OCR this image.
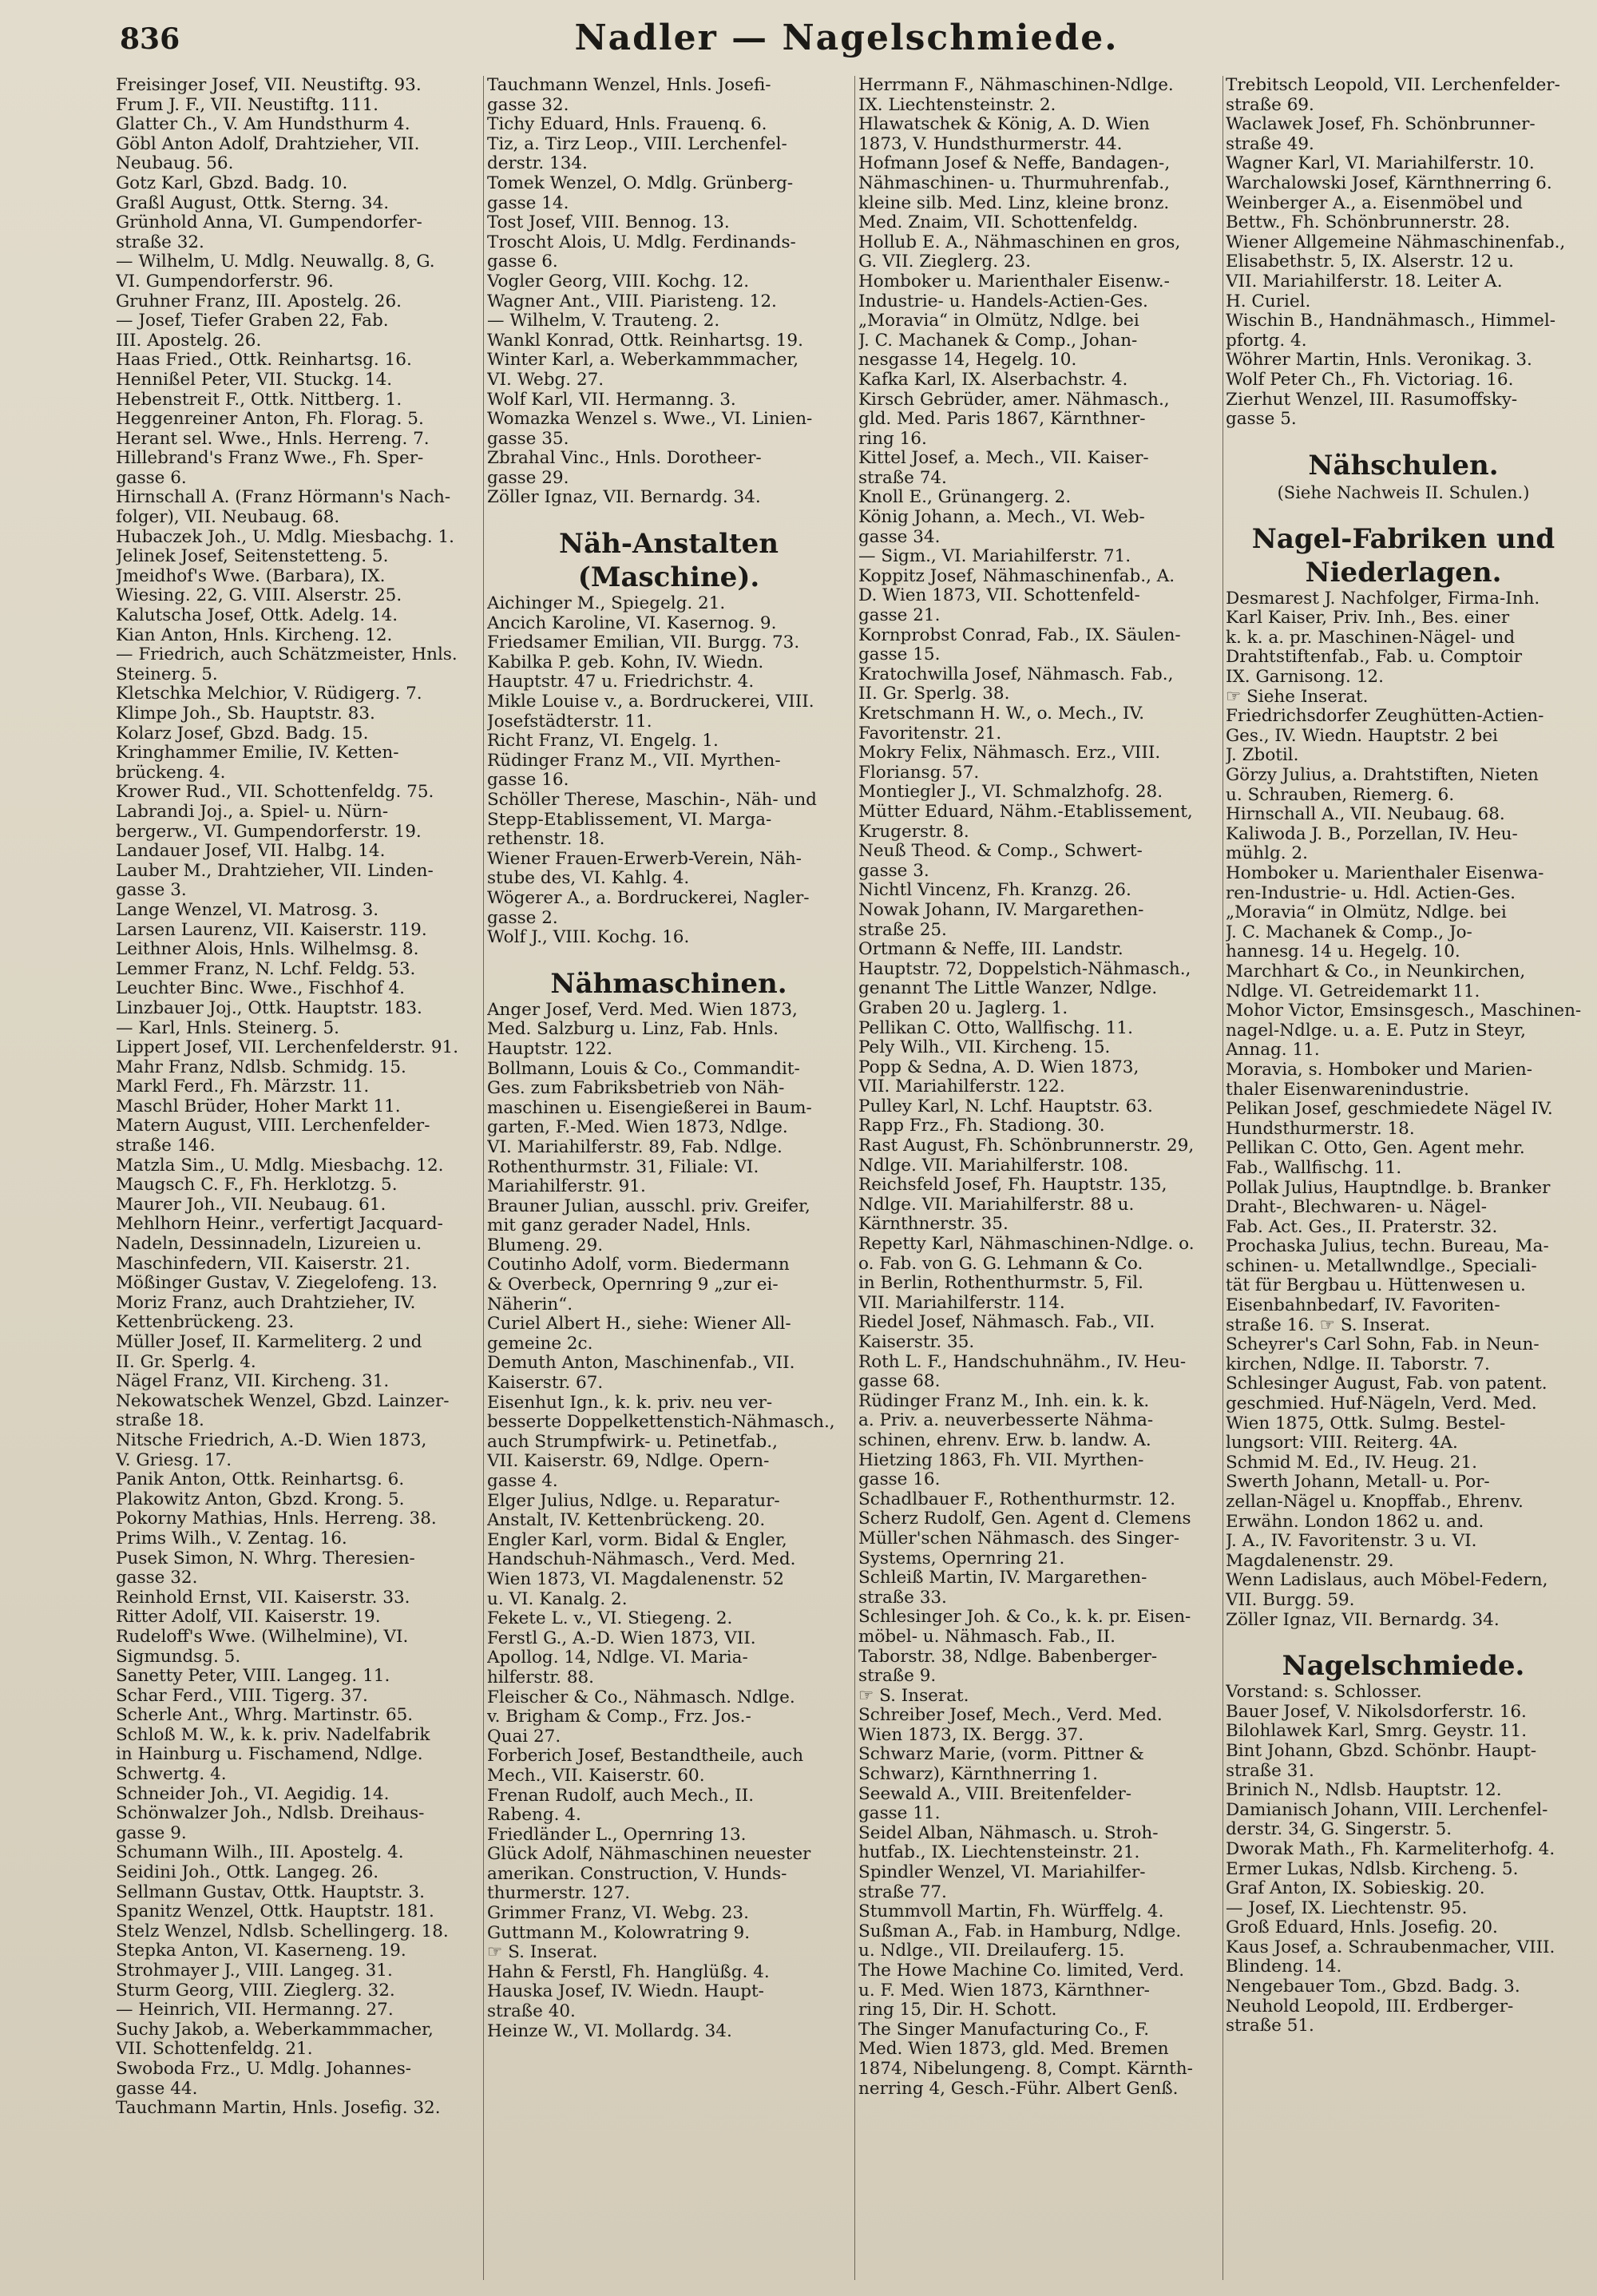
836	Nadler — Nagelschmiede.
Freisinger Josef, VII. Neustiftg. 93.
Frum J. F., VII. Neustiftg. 111.
Glatter Ch., V. Am Hundsthurm 4.
Göbl Anton Adolf, Drahtzieher, VII.
Neubaug. 56.
Gotz Karl, Gbzd. Badg. 10.
Graßl August, Ottk. Sterng. 34.
Grünhold Anna, VI. Gumpendorfer-
straße 32.
— Wilhelm, U. Mdlg. Neuwallg. 8, G.
VI. Gumpendorferstr. 96.
Gruhner Franz, III. Apostelg. 26.
— Josef, Tiefer Graben 22, Fab.
III. Apostelg. 26.
Haas Fried., Ottk. Reinhartsg. 16.
Hennißel Peter, VII. Stuckg. 14.
Hebenstreit F., Ottk. Nittberg. 1.
Heggenreiner Anton, Fh. Florag. 5.
Herant sel. Wwe., Hnls. Herreng. 7.
Hillebrand's Franz Wwe., Fh. Sper-
gasse 6.
Hirnschall A. (Franz Hörmann's Nach-
folger), VII. Neubaug. 68.
Hubaczek Joh., U. Mdlg. Miesbachg. 1.
Jelinek Josef, Seitenstetteng. 5.
Jmeidhof's Wwe. (Barbara), IX.
Wiesing. 22, G. VIII. Alserstr. 25.
Kalutscha Josef, Ottk. Adelg. 14.
Kian Anton, Hnls. Kircheng. 12.
— Friedrich, auch Schätzmeister, Hnls.
Steinerg. 5.
Kletschka Melchior, V. Rüdigerg. 7.
Klimpe Joh., Sb. Hauptstr. 83.
Kolarz Josef, Gbzd. Badg. 15.
Kringhammer Emilie, IV. Ketten-
brückeng. 4.
Krower Rud., VII. Schottenfeldg. 75.
Labrandi Joj., a. Spiel- u. Nürn-
bergerw., VI. Gumpendorferstr. 19.
Landauer Josef, VII. Halbg. 14.
Lauber M., Drahtzieher, VII. Linden-
gasse 3.
Lange Wenzel, VI. Matrosg. 3.
Larsen Laurenz, VII. Kaiserstr. 119.
Leithner Alois, Hnls. Wilhelmsg. 8.
Lemmer Franz, N. Lchf. Feldg. 53.
Leuchter Binc. Wwe., Fischhof 4.
Linzbauer Joj., Ottk. Hauptstr. 183.
— Karl, Hnls. Steinerg. 5.
Lippert Josef, VII. Lerchenfelderstr. 91.
Mahr Franz, Ndlsb. Schmidg. 15.
Markl Ferd., Fh. Märzstr. 11.
Maschl Brüder, Hoher Markt 11.
Matern August, VIII. Lerchenfelder-
straße 146.
Matzla Sim., U. Mdlg. Miesbachg. 12.
Maugsch C. F., Fh. Herklotzg. 5.
Maurer Joh., VII. Neubaug. 61.
Mehlhorn Heinr., verfertigt Jacquard-
Nadeln, Dessinnadeln, Lizureien u.
Maschinfedern, VII. Kaiserstr. 21.
Mößinger Gustav, V. Ziegelofeng. 13.
Moriz Franz, auch Drahtzieher, IV.
Kettenbrückeng. 23.
Müller Josef, II. Karmeliterg. 2 und
II. Gr. Sperlg. 4.
Nägel Franz, VII. Kircheng. 31.
Nekowatschek Wenzel, Gbzd. Lainzer-
straße 18.
Nitsche Friedrich, A.-D. Wien 1873,
V. Griesg. 17.
Panik Anton, Ottk. Reinhartsg. 6.
Plakowitz Anton, Gbzd. Krong. 5.
Pokorny Mathias, Hnls. Herreng. 38.
Prims Wilh., V. Zentag. 16.
Pusek Simon, N. Whrg. Theresien-
gasse 32.
Reinhold Ernst, VII. Kaiserstr. 33.
Ritter Adolf, VII. Kaiserstr. 19.
Rudeloff's Wwe. (Wilhelmine), VI.
Sigmundsg. 5.
Sanetty Peter, VIII. Langeg. 11.
Schar Ferd., VIII. Tigerg. 37.
Scherle Ant., Whrg. Martinstr. 65.
Schloß M. W., k. k. priv. Nadelfabrik
in Hainburg u. Fischamend, Ndlge.
Schwertg. 4.
Schneider Joh., VI. Aegidig. 14.
Schönwalzer Joh., Ndlsb. Dreihaus-
gasse 9.
Schumann Wilh., III. Apostelg. 4.
Seidini Joh., Ottk. Langeg. 26.
Sellmann Gustav, Ottk. Hauptstr. 3.
Spanitz Wenzel, Ottk. Hauptstr. 181.
Stelz Wenzel, Ndlsb. Schellingerg. 18.
Stepka Anton, VI. Kaserneng. 19.
Strohmayer J., VIII. Langeg. 31.
Sturm Georg, VIII. Zieglerg. 32.
— Heinrich, VII. Hermanng. 27.
Suchy Jakob, a. Weberkammmacher,
VII. Schottenfeldg. 21.
Swoboda Frz., U. Mdlg. Johannes-
gasse 44.
Tauchmann Martin, Hnls. Josefig. 32.
Tauchmann Wenzel, Hnls. Josefi-
gasse 32.
Tichy Eduard, Hnls. Frauenq. 6.
Tiz, a. Tirz Leop., VIII. Lerchenfel-
derstr. 134.
Tomek Wenzel, O. Mdlg. Grünberg-
gasse 14.
Tost Josef, VIII. Bennog. 13.
Troscht Alois, U. Mdlg. Ferdinands-
gasse 6.
Vogler Georg, VIII. Kochg. 12.
Wagner Ant., VIII. Piaristeng. 12.
— Wilhelm, V. Trauteng. 2.
Wankl Konrad, Ottk. Reinhartsg. 19.
Winter Karl, a. Weberkammmacher,
VI. Webg. 27.
Wolf Karl, VII. Hermanng. 3.
Womazka Wenzel s. Wwe., VI. Linien-
gasse 35.
Zbrahal Vinc., Hnls. Dorotheer-
gasse 29.
Zöller Ignaz, VII. Bernardg. 34.
Näh-Anstalten (Maschine).
Aichinger M., Spiegelg. 21.
Ancich Karoline, VI. Kasernog. 9.
Friedsamer Emilian, VII. Burgg. 73.
Kabilka P. geb. Kohn, IV. Wiedn.
Hauptstr. 47 u. Friedrichstr. 4.
Mikle Louise v., a. Bordruckerei, VIII.
Josefstädterstr. 11.
Richt Franz, VI. Engelg. 1.
Rüdinger Franz M., VII. Myrthen-
gasse 16.
Schöller Therese, Maschin-, Näh- und
Stepp-Etablissement, VI. Marga-
rethenstr. 18.
Wiener Frauen-Erwerb-Verein, Näh-
stube des, VI. Kahlg. 4.
Wögerer A., a. Bordruckerei, Nagler-
gasse 2.
Wolf J., VIII. Kochg. 16.
Nähmaschinen.
Anger Josef, Verd. Med. Wien 1873,
Med. Salzburg u. Linz, Fab. Hnls.
Hauptstr. 122.
Bollmann, Louis & Co., Commandit-
Ges. zum Fabriksbetrieb von Näh-
maschinen u. Eisengießerei in Baum-
garten, F.-Med. Wien 1873, Ndlge.
VI. Mariahilferstr. 89, Fab. Ndlge.
Rothenthurmstr. 31, Filiale: VI.
Mariahilferstr. 91.
Brauner Julian, ausschl. priv. Greifer,
mit ganz gerader Nadel, Hnls.
Blumeng. 29.
Coutinho Adolf, vorm. Biedermann
& Overbeck, Opernring 9 „zur ei-
Näherin“.
Curiel Albert H., siehe: Wiener All-
gemeine 2c.
Demuth Anton, Maschinenfab., VII.
Kaiserstr. 67.
Eisenhut Ign., k. k. priv. neu ver-
besserte Doppelkettenstich-Nähmasch.,
auch Strumpfwirk- u. Petinetfab.,
VII. Kaiserstr. 69, Ndlge. Opern-
gasse 4.
Elger Julius, Ndlge. u. Reparatur-
Anstalt, IV. Kettenbrückeng. 20.
Engler Karl, vorm. Bidal & Engler,
Handschuh-Nähmasch., Verd. Med.
Wien 1873, VI. Magdalenenstr. 52
u. VI. Kanalg. 2.
Fekete L. v., VI. Stiegeng. 2.
Ferstl G., A.-D. Wien 1873, VII.
Apollog. 14, Ndlge. VI. Maria-
hilferstr. 88.
Fleischer & Co., Nähmasch. Ndlge.
v. Brigham & Comp., Frz. Jos.-
Quai 27.
Forberich Josef, Bestandtheile, auch
Mech., VII. Kaiserstr. 60.
Frenan Rudolf, auch Mech., II.
Rabeng. 4.
Friedländer L., Opernring 13.
Glück Adolf, Nähmaschinen neuester
amerikan. Construction, V. Hunds-
thurmerstr. 127.
Grimmer Franz, VI. Webg. 23.
Guttmann M., Kolowratring 9.
☞ S. Inserat.
Hahn & Ferstl, Fh. Hanglüßg. 4.
Hauska Josef, IV. Wiedn. Haupt-
straße 40.
Heinze W., VI. Mollardg. 34.
Herrmann F., Nähmaschinen-Ndlge.
IX. Liechtensteinstr. 2.
Hlawatschek & König, A. D. Wien
1873, V. Hundsthurmerstr. 44.
Hofmann Josef & Neffe, Bandagen-,
Nähmaschinen- u. Thurmuhrenfab.,
kleine silb. Med. Linz, kleine bronz.
Med. Znaim, VII. Schottenfeldg.
Hollub E. A., Nähmaschinen en gros,
G. VII. Zieglerg. 23.
Homboker u. Marienthaler Eisenw.-
Industrie- u. Handels-Actien-Ges.
„Moravia“ in Olmütz, Ndlge. bei
J. C. Machanek & Comp., Johan-
nesgasse 14, Hegelg. 10.
Kafka Karl, IX. Alserbachstr. 4.
Kirsch Gebrüder, amer. Nähmasch.,
gld. Med. Paris 1867, Kärnthner-
ring 16.
Kittel Josef, a. Mech., VII. Kaiser-
straße 74.
Knoll E., Grünangerg. 2.
König Johann, a. Mech., VI. Web-
gasse 34.
— Sigm., VI. Mariahilferstr. 71.
Koppitz Josef, Nähmaschinenfab., A.
D. Wien 1873, VII. Schottenfeld-
gasse 21.
Kornprobst Conrad, Fab., IX. Säulen-
gasse 15.
Kratochwilla Josef, Nähmasch. Fab.,
II. Gr. Sperlg. 38.
Kretschmann H. W., o. Mech., IV.
Favoritenstr. 21.
Mokry Felix, Nähmasch. Erz., VIII.
Floriansg. 57.
Montiegler J., VI. Schmalzhofg. 28.
Mütter Eduard, Nähm.-Etablissement,
Krugerstr. 8.
Neuß Theod. & Comp., Schwert-
gasse 3.
Nichtl Vincenz, Fh. Kranzg. 26.
Nowak Johann, IV. Margarethen-
straße 25.
Ortmann & Neffe, III. Landstr.
Hauptstr. 72, Doppelstich-Nähmasch.,
genannt The Little Wanzer, Ndlge.
Graben 20 u. Jaglerg. 1.
Pellikan C. Otto, Wallfischg. 11.
Pely Wilh., VII. Kircheng. 15.
Popp & Sedna, A. D. Wien 1873,
VII. Mariahilferstr. 122.
Pulley Karl, N. Lchf. Hauptstr. 63.
Rapp Frz., Fh. Stadiong. 30.
Rast August, Fh. Schönbrunnerstr. 29,
Ndlge. VII. Mariahilferstr. 108.
Reichsfeld Josef, Fh. Hauptstr. 135,
Ndlge. VII. Mariahilferstr. 88 u.
Kärnthnerstr. 35.
Repetty Karl, Nähmaschinen-Ndlge. o.
o. Fab. von G. G. Lehmann & Co.
in Berlin, Rothenthurmstr. 5, Fil.
VII. Mariahilferstr. 114.
Riedel Josef, Nähmasch. Fab., VII.
Kaiserstr. 35.
Roth L. F., Handschuhnähm., IV. Heu-
gasse 68.
Rüdinger Franz M., Inh. ein. k. k.
a. Priv. a. neuverbesserte Nähma-
schinen, ehrenv. Erw. b. landw. A.
Hietzing 1863, Fh. VII. Myrthen-
gasse 16.
Schadlbauer F., Rothenthurmstr. 12.
Scherz Rudolf, Gen. Agent d. Clemens
Müller'schen Nähmasch. des Singer-
Systems, Opernring 21.
Schleiß Martin, IV. Margarethen-
straße 33.
Schlesinger Joh. & Co., k. k. pr. Eisen-
möbel- u. Nähmasch. Fab., II.
Taborstr. 38, Ndlge. Babenberger-
straße 9.
☞ S. Inserat.
Schreiber Josef, Mech., Verd. Med.
Wien 1873, IX. Bergg. 37.
Schwarz Marie, (vorm. Pittner &
Schwarz), Kärnthnerring 1.
Seewald A., VIII. Breitenfelder-
gasse 11.
Seidel Alban, Nähmasch. u. Stroh-
hutfab., IX. Liechtensteinstr. 21.
Spindler Wenzel, VI. Mariahilfer-
straße 77.
Stummvoll Martin, Fh. Würffelg. 4.
Sußman A., Fab. in Hamburg, Ndlge.
u. Ndlge., VII. Dreilauferg. 15.
The Howe Machine Co. limited, Verd.
u. F. Med. Wien 1873, Kärnthner-
ring 15, Dir. H. Schott.
The Singer Manufacturing Co., F.
Med. Wien 1873, gld. Med. Bremen
1874, Nibelungeng. 8, Compt. Kärnth-
nerring 4, Gesch.-Führ. Albert Genß.
Trebitsch Leopold, VII. Lerchenfelder-
straße 69.
Waclawek Josef, Fh. Schönbrunner-
straße 49.
Wagner Karl, VI. Mariahilferstr. 10.
Warchalowski Josef, Kärnthnerring 6.
Weinberger A., a. Eisenmöbel und
Bettw., Fh. Schönbrunnerstr. 28.
Wiener Allgemeine Nähmaschinenfab.,
Elisabethstr. 5, IX. Alserstr. 12 u.
VII. Mariahilferstr. 18. Leiter A.
H. Curiel.
Wischin B., Handnähmasch., Himmel-
pfortg. 4.
Wöhrer Martin, Hnls. Veronikag. 3.
Wolf Peter Ch., Fh. Victoriag. 16.
Zierhut Wenzel, III. Rasumoffsky-
gasse 5.
Nähschulen.
(Siehe Nachweis II. Schulen.)
Nagel-Fabriken und Niederlagen.
Desmarest J. Nachfolger, Firma-Inh.
Karl Kaiser, Priv. Inh., Bes. einer
k. k. a. pr. Maschinen-Nägel- und
Drahtstiftenfab., Fab. u. Comptoir
IX. Garnisong. 12.
☞ Siehe Inserat.
Friedrichsdorfer Zeughütten-Actien-
Ges., IV. Wiedn. Hauptstr. 2 bei
J. Zbotil.
Görzy Julius, a. Drahtstiften, Nieten
u. Schrauben, Riemerg. 6.
Hirnschall A., VII. Neubaug. 68.
Kaliwoda J. B., Porzellan, IV. Heu-
mühlg. 2.
Homboker u. Marienthaler Eisenwa-
ren-Industrie- u. Hdl. Actien-Ges.
„Moravia“ in Olmütz, Ndlge. bei
J. C. Machanek & Comp., Jo-
hannesg. 14 u. Hegelg. 10.
Marchhart & Co., in Neunkirchen,
Ndlge. VI. Getreidemarkt 11.
Mohor Victor, Emsinsgesch., Maschinen-
nagel-Ndlge. u. a. E. Putz in Steyr,
Annag. 11.
Moravia, s. Homboker und Marien-
thaler Eisenwarenindustrie.
Pelikan Josef, geschmiedete Nägel IV.
Hundsthurmerstr. 18.
Pellikan C. Otto, Gen. Agent mehr.
Fab., Wallfischg. 11.
Pollak Julius, Hauptndlge. b. Branker
Draht-, Blechwaren- u. Nägel-
Fab. Act. Ges., II. Praterstr. 32.
Prochaska Julius, techn. Bureau, Ma-
schinen- u. Metallwndlge., Speciali-
tät für Bergbau u. Hüttenwesen u.
Eisenbahnbedarf, IV. Favoriten-
straße 16. ☞ S. Inserat.
Scheyrer's Carl Sohn, Fab. in Neun-
kirchen, Ndlge. II. Taborstr. 7.
Schlesinger August, Fab. von patent.
geschmied. Huf-Nägeln, Verd. Med.
Wien 1875, Ottk. Sulmg. Bestel-
lungsort: VIII. Reiterg. 4A.
Schmid M. Ed., IV. Heug. 21.
Swerth Johann, Metall- u. Por-
zellan-Nägel u. Knopffab., Ehrenv.
Erwähn. London 1862 u. and.
J. A., IV. Favoritenstr. 3 u. VI.
Magdalenenstr. 29.
Wenn Ladislaus, auch Möbel-Federn,
VII. Burgg. 59.
Zöller Ignaz, VII. Bernardg. 34.
Nagelschmiede.
Vorstand: s. Schlosser.
Bauer Josef, V. Nikolsdorferstr. 16.
Bilohlawek Karl, Smrg. Geystr. 11.
Bint Johann, Gbzd. Schönbr. Haupt-
straße 31.
Brinich N., Ndlsb. Hauptstr. 12.
Damianisch Johann, VIII. Lerchenfel-
derstr. 34, G. Singerstr. 5.
Dworak Math., Fh. Karmeliterhofg. 4.
Ermer Lukas, Ndlsb. Kircheng. 5.
Graf Anton, IX. Sobieskig. 20.
— Josef, IX. Liechtenstr. 95.
Groß Eduard, Hnls. Josefig. 20.
Kaus Josef, a. Schraubenmacher, VIII.
Blindeng. 14.
Nengebauer Tom., Gbzd. Badg. 3.
Neuhold Leopold, III. Erdberger-
straße 51.
